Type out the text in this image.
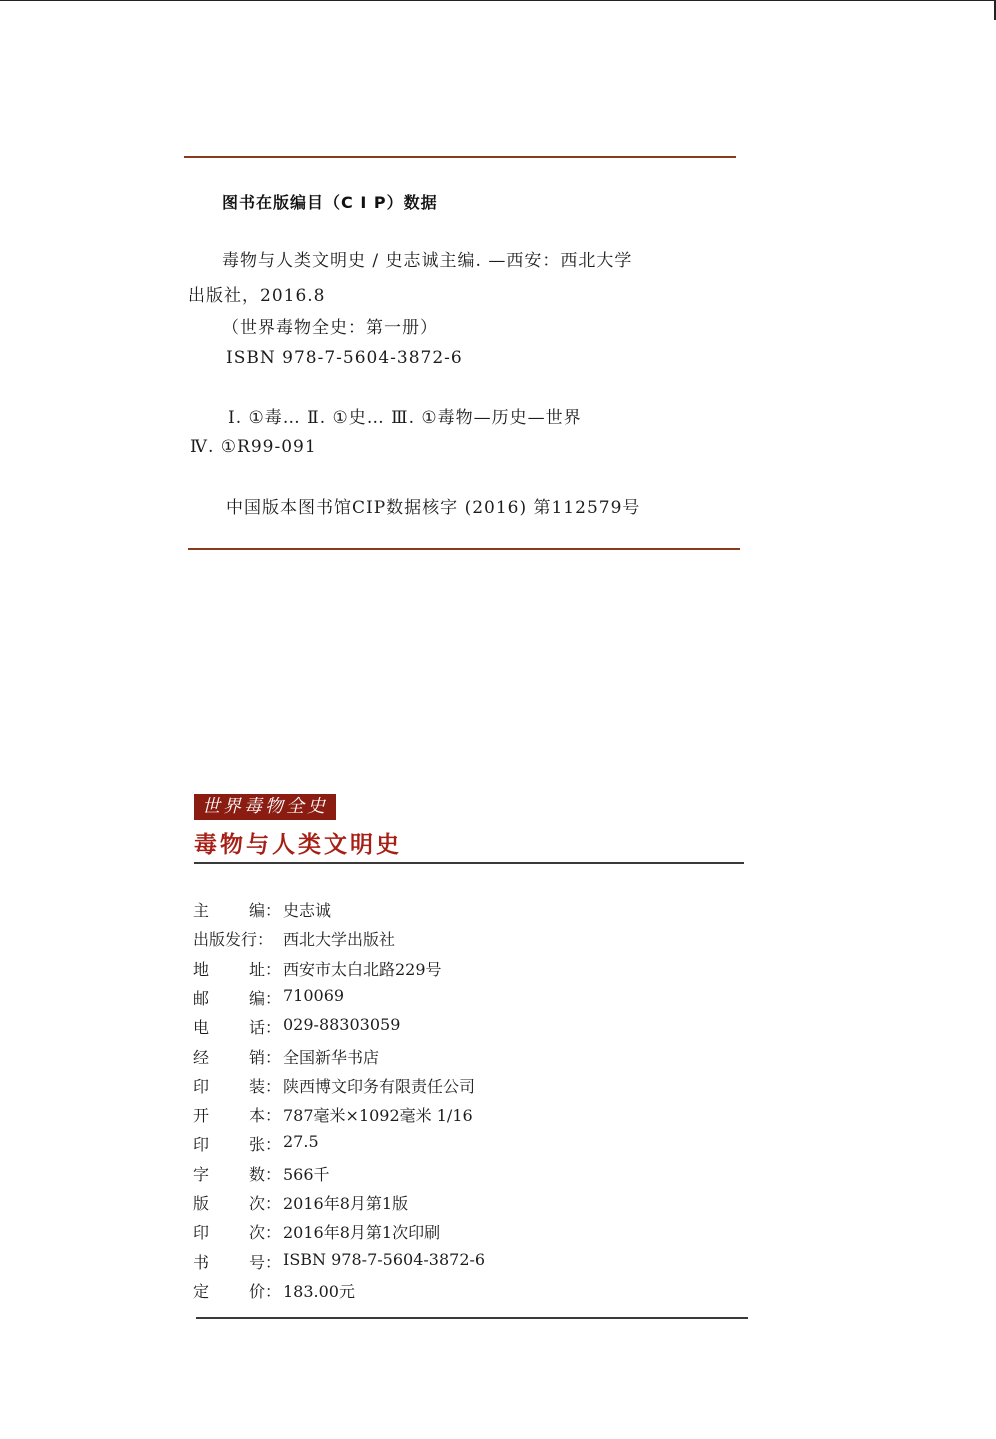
图书在版编目（C I P）数据
毒物与人类文明史 / 史志诚主编. —西安：西北大学
出版社，2016.8
（世界毒物全史：第一册）
ISBN 978-7-5604-3872-6
Ⅰ. ①毒… Ⅱ. ①史… Ⅲ. ①毒物—历史—世界
Ⅳ. ①R99-091
中国版本图书馆CIP数据核字 (2016) 第112579号
世界毒物全史
毒物与人类文明史
主 编： 史志诚
出版发行： 西北大学出版社
地 址： 西安市太白北路229号
邮 编： 710069
电 话： 029-88303059
经 销： 全国新华书店
印 装： 陕西博文印务有限责任公司
开 本： 787毫米×1092毫米 1/16
印 张： 27.5
字 数： 566千
版 次： 2016年8月第1版
印 次： 2016年8月第1次印刷
书 号： ISBN 978-7-5604-3872-6
定 价： 183.00元
